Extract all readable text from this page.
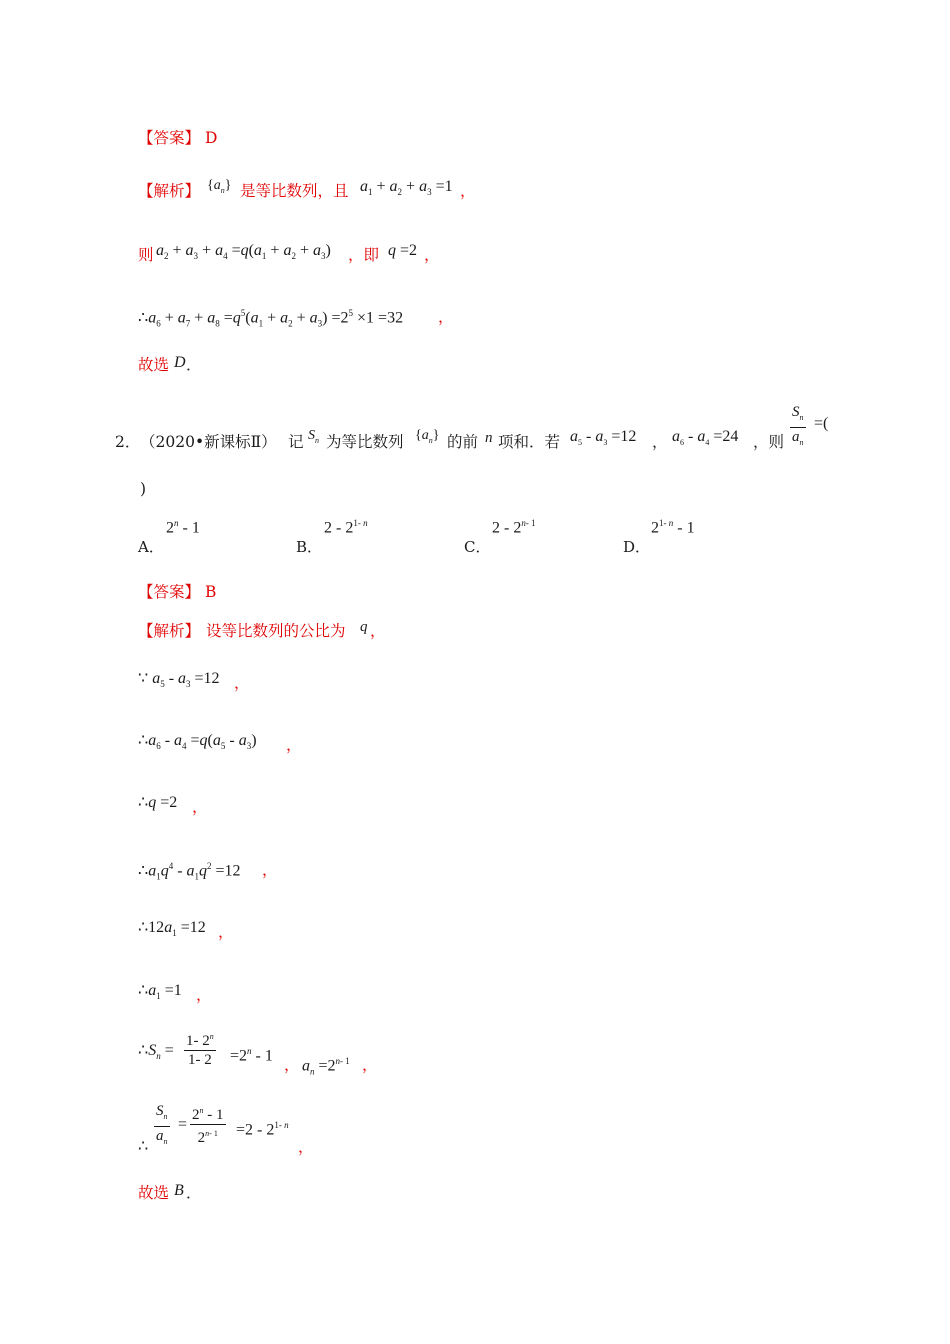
【答案】 D
【解析】 $\{a_n\}$ 是等比数列，且 $a_1 + a_2 + a_3 =1$ ，
则 $a_2 + a_3 + a_4 =q(a_1 + a_2 + a_3)$ ，即 q =2 ，
$\therefore a_6 + a_7 + a_8 =q^5(a_1 + a_2 + a_3) =2^5 \times 1 =32$ ，
故选 D ．
2． （2020•新课标Ⅱ） 记 $S_n$ 为等比数列 $\{a_n\}$ 的前 n 项和．若 $a_5 - a_3 =12$ ， $a_6 - a_4 =24$ ，则 $\frac{S_n}{a_n}$ =(
)
A．
2$^n$ - 1
B．
2 - 2$^{1- n}$
C．
2 - 2$^{n- 1}$
D．
2$^{1- n}$ - 1
【答案】 B
【解析】 设等比数列的公比为 q ，
∵ $a_5 - a_3 =12$ ，
$\therefore a_6 - a_4 =q(a_5 - a_3)$ ，
∴q =2 ，
$\therefore a_1q^4 - a_1q^2 =12$ ，
$\therefore 12a_1 =12$ ，
$\therefore a_1 =1$ ，
$\therefore S_n = \frac{1- 2^n}{1- 2} =2^n - 1$
， $a_n =2^{n- 1}$ ，
∴ $\frac{S_n}{a_n} = \frac{2^n - 1}{2^{n- 1}} =2 - 2^{1- n}$
，
故选 B ．
